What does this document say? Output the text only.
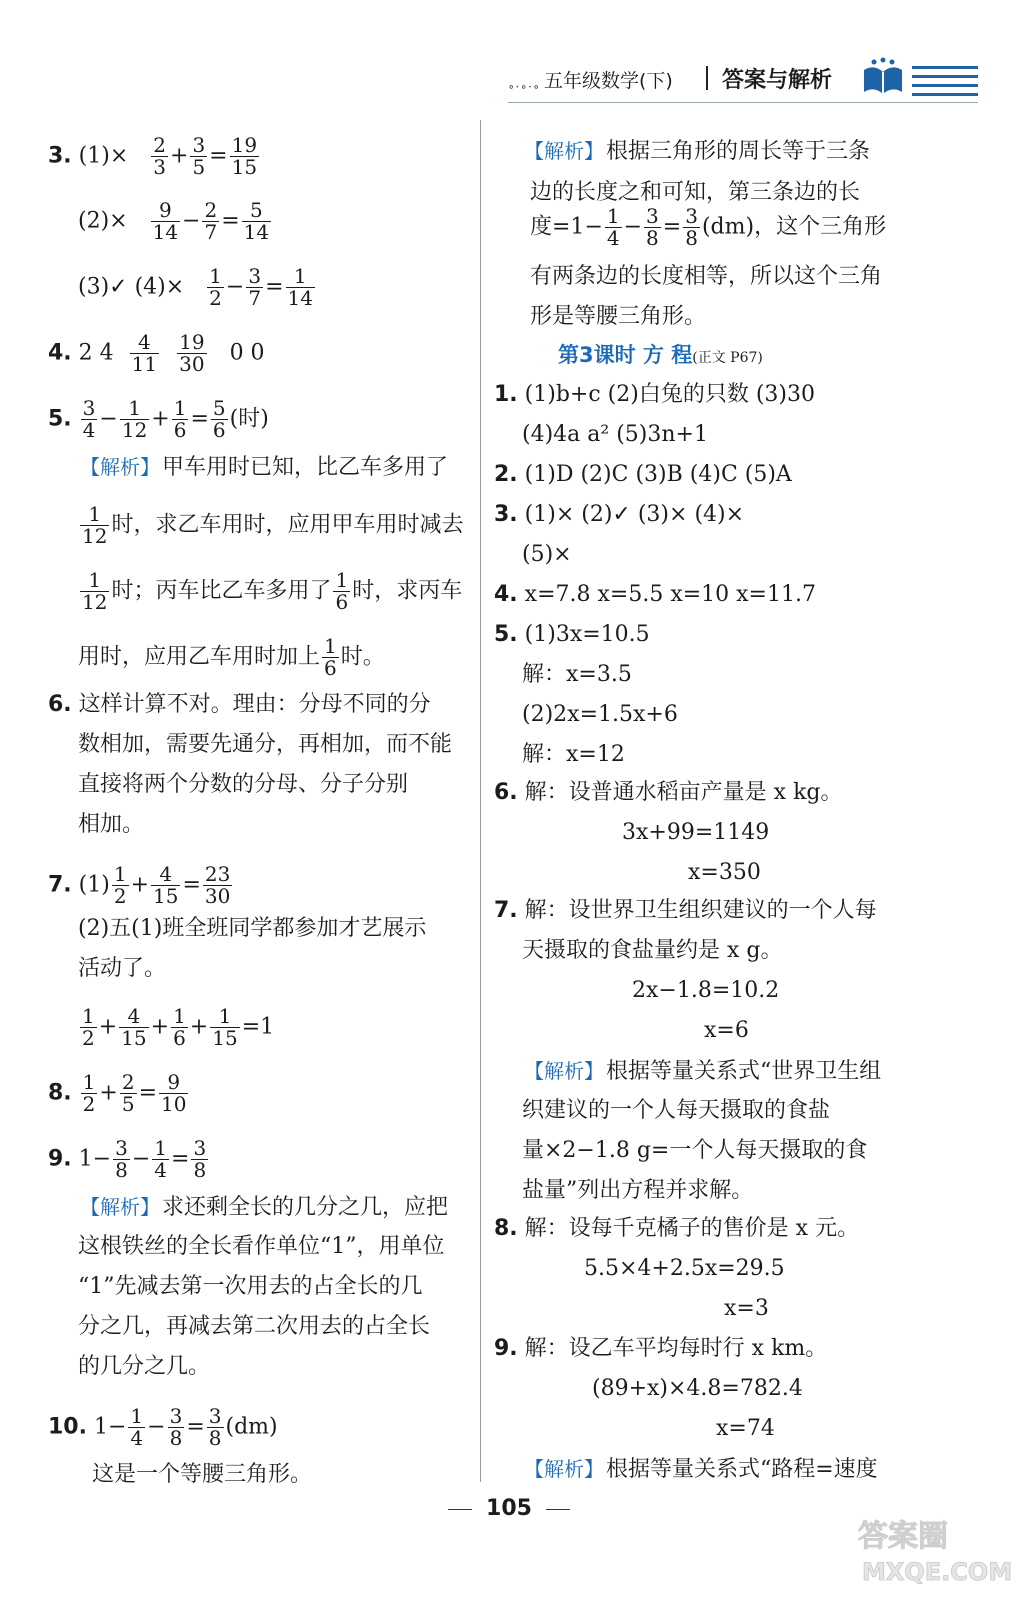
∘·∘·∘ 五年级数学(下) 答案与解析
3. $(1)\times \frac{2}{3} + \frac{3}{5} = \frac{19}{15}$
$(2)\times \frac{9}{14} - \frac{2}{7} = \frac{5}{14}$
(3)✓ $(4)\times \frac{1}{2} - \frac{3}{7} = \frac{1}{14}$
4. 2 $4 \frac{4}{11}$
$\frac{19}{30} 0$ 0
5. $\frac{3}{4} - \frac{1}{12} + \frac{1}{6} = \frac{5}{6}$ (时)
【解析】甲车用时已知，比乙车多用了
$\frac{1}{12}$ 时，求乙车用时，应用甲车用时减去
$\frac{1}{12}$ 时；丙车比乙车多用了 $\frac{1}{6}$ 时，求丙车
用时，应用乙车用时加上 $\frac{1}{6}$ 时。
6. 这样计算不对。理由：分母不同的分
数相加，需要先通分，再相加，而不能
直接将两个分数的分母、分子分别
相加。
7. $(1) \frac{1}{2} + \frac{4}{15} = \frac{23}{30}$
(2)五(1)班全班同学都参加才艺展示
活动了。
$\frac{1}{2} + \frac{4}{15} + \frac{1}{6} + \frac{1}{15} =1$
8. $\frac{1}{2} + \frac{2}{5} = \frac{9}{10}$
9. $1- \frac{3}{8} - \frac{1}{4} = \frac{3}{8}$
【解析】求还剩全长的几分之几，应把
这根铁丝的全长看作单位“1”，用单位
“1”先减去第一次用去的占全长的几
分之几，再减去第二次用去的占全长
的几分之几。
10. $1- \frac{1}{4} - \frac{3}{8} = \frac{3}{8} (dm)$
这是一个等腰三角形。
【解析】根据三角形的周长等于三条
边的长度之和可知，第三条边的长
度$=1- \frac{1}{4} - \frac{3}{8} = \frac{3}{8} (dm)$，这个三角形
有两条边的长度相等，所以这个三角
形是等腰三角形。
第3课时 方 程(正文 P67)
1. (1)b+c (2)白兔的只数 (3)30
(4)4a a² (5)3n+1
2. (1)D (2)C (3)B (4)C (5)A
3. (1)× (2)✓ (3)× (4)×
(5)×
4. x=7.8 x=5.5 x=10 x=11.7
5. (1)3x=10.5
解：x=3.5
(2)2x=1.5x+6
解：x=12
6. 解：设普通水稻亩产量是 x kg。
3x+99=1149
x=350
7. 解：设世界卫生组织建议的一个人每
天摄取的食盐量约是 x g。
2x−1.8=10.2
x=6
【解析】根据等量关系式“世界卫生组
织建议的一个人每天摄取的食盐
量×2−1.8 g=一个人每天摄取的食
盐量”列出方程并求解。
8. 解：设每千克橘子的售价是 x 元。
5.5×4+2.5x=29.5
x=3
9. 解：设乙车平均每时行 x km。
(89+x)×4.8=782.4
x=74
【解析】根据等量关系式“路程=速度
105
答案圈
MXQE.COM
